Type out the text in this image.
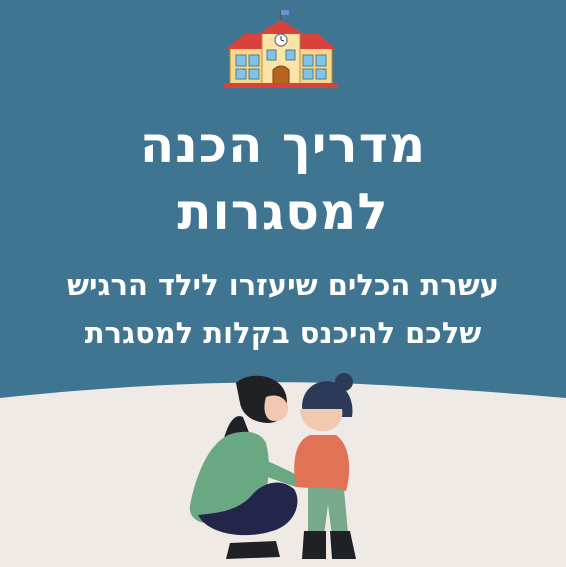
מדריך הכנה
למסגרות

עשרת הכלים שיעזרו לילד הרגיש

שלכם להיכנס בקלות למסגרת
